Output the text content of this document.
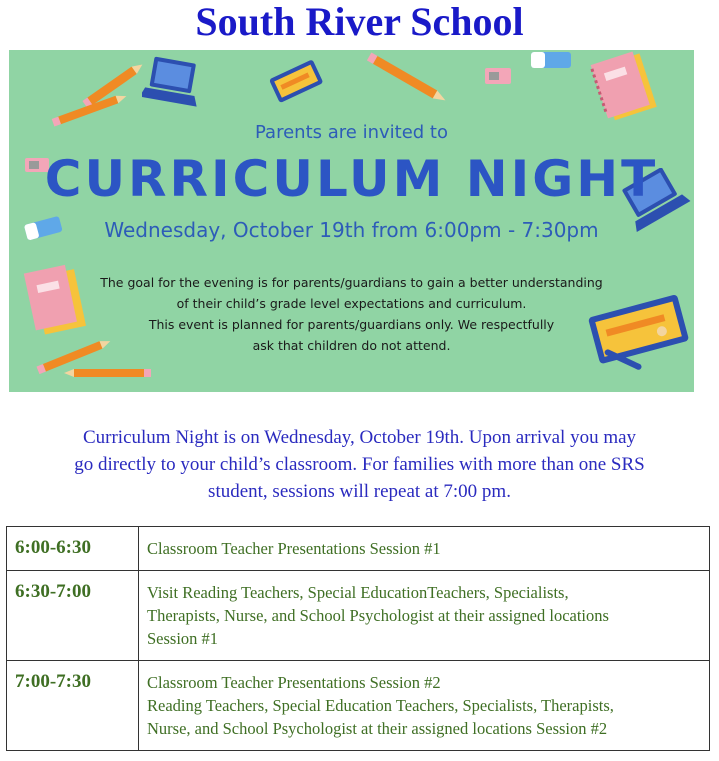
South River School
Parents are invited to
CURRICULUM NIGHT
Wednesday, October 19th from 6:00pm - 7:30pm
The goal for the evening is for parents/guardians to gain a better understanding
of their child’s grade level expectations and curriculum.
This event is planned for parents/guardians only. We respectfully
ask that children do not attend.
Curriculum Night is on Wednesday, October 19th. Upon arrival you may
go directly to your child’s classroom. For families with more than one SRS
student, sessions will repeat at 7:00 pm.
6:00-6:30	Classroom Teacher Presentations Session #1

6:30-7:00	Visit Reading Teachers, Special EducationTeachers, Specialists,
Therapists, Nurse, and School Psychologist at their assigned locations
Session #1

7:00-7:30	Classroom Teacher Presentations Session #2
Reading Teachers, Special Education Teachers, Specialists, Therapists,
Nurse, and School Psychologist at their assigned locations Session #2
